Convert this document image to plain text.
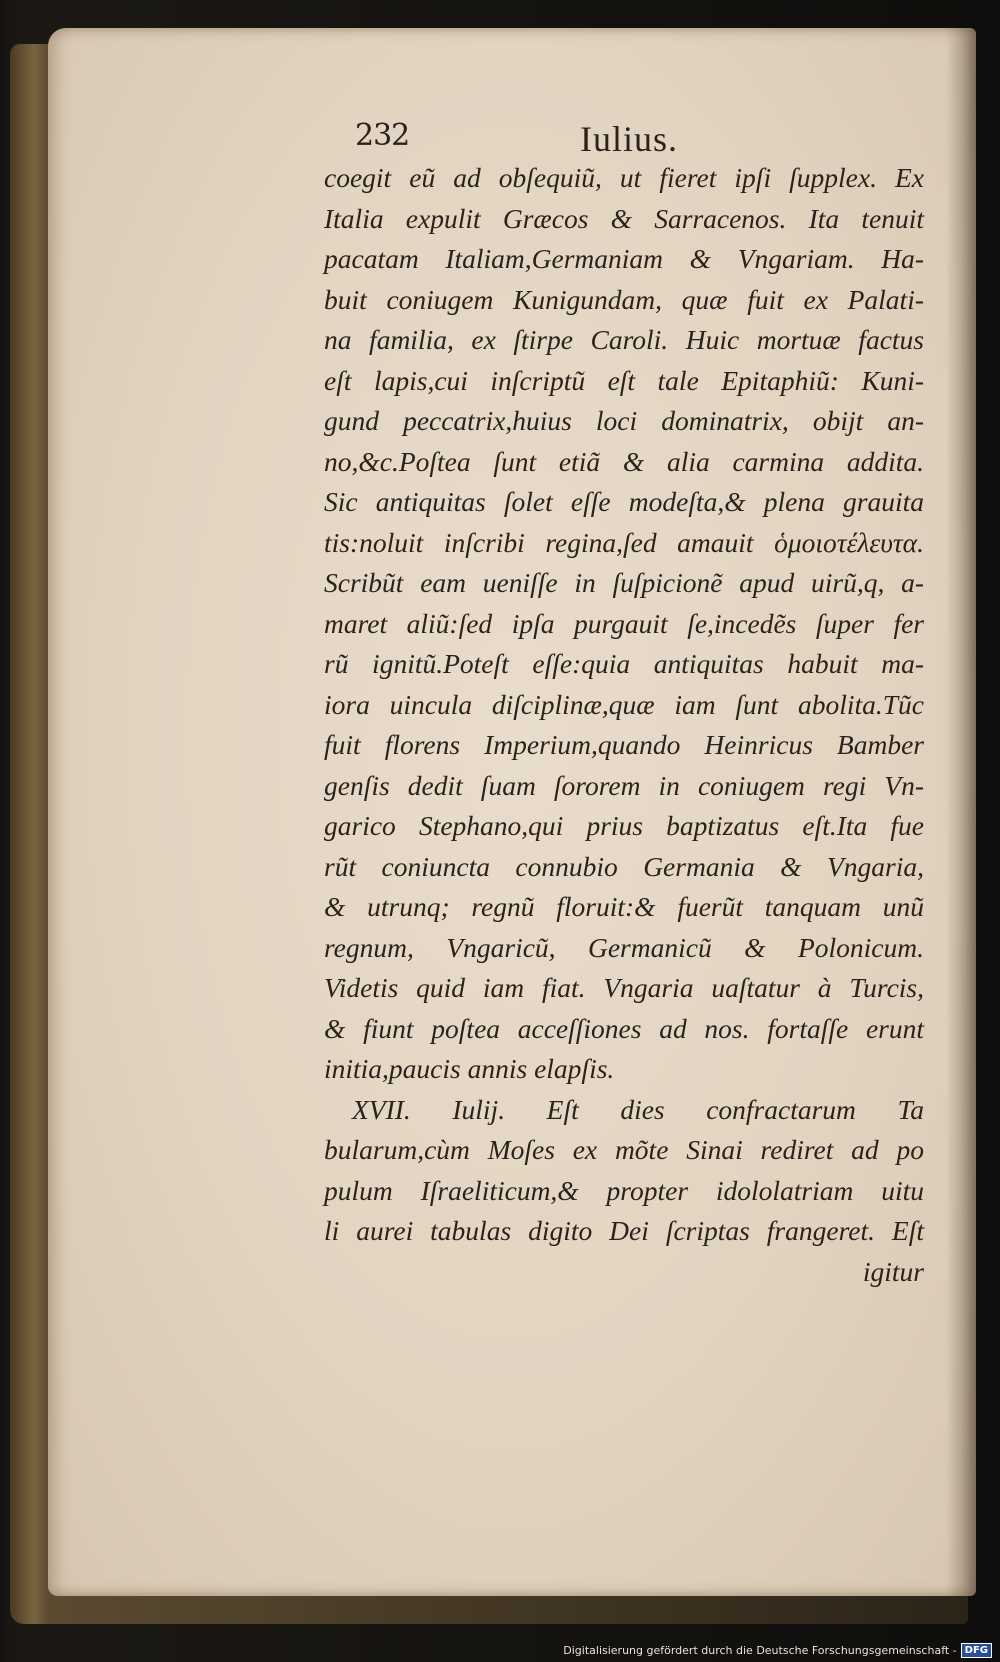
232	Iulius.
coegit eũ ad obſequiũ, ut fieret ipſi ſupplex. Ex
Italia expulit Græcos & Sarracenos. Ita tenuit
pacatam Italiam,Germaniam & Vngariam. Ha-
buit coniugem Kunigundam, quæ fuit ex Palati-
na familia, ex ſtirpe Caroli. Huic mortuæ factus
eſt lapis,cui inſcriptũ eſt tale Epitaphiũ: Kuni-
gund peccatrix,huius loci dominatrix, obijt an-
no,&c.Poſtea ſunt etiã & alia carmina addita.
Sic antiquitas ſolet eſſe modeſta,& plena grauita
tis:noluit inſcribi regina,ſed amauit ὁμοιοτέλευτα.
Scribũt eam ueniſſe in ſuſpicionẽ apud uirũ,q, a-
maret aliũ:ſed ipſa purgauit ſe,incedẽs ſuper fer
rũ ignitũ.Poteſt eſſe:quia antiquitas habuit ma-
iora uincula diſciplinæ,quæ iam ſunt abolita.Tũc
fuit florens Imperium,quando Heinricus Bamber
genſis dedit ſuam ſororem in coniugem regi Vn-
garico Stephano,qui prius baptizatus eſt.Ita fue
rũt coniuncta connubio Germania & Vngaria,
& utrunq; regnũ floruit:& fuerũt tanquam unũ
regnum, Vngaricũ, Germanicũ & Polonicum.
Videtis quid iam fiat. Vngaria uaſtatur à Turcis,
& fiunt poſtea acceſſiones ad nos. fortaſſe erunt
initia,paucis annis elapſis.
XVII. Iulij. Eſt dies confractarum Ta
bularum,cùm Moſes ex mõte Sinai rediret ad po
pulum Iſraeliticum,& propter idololatriam uitu
li aurei tabulas digito Dei ſcriptas frangeret. Eſt
igitur
Digitalisierung gefördert durch die Deutsche Forschungsgemeinschaft - DFG
